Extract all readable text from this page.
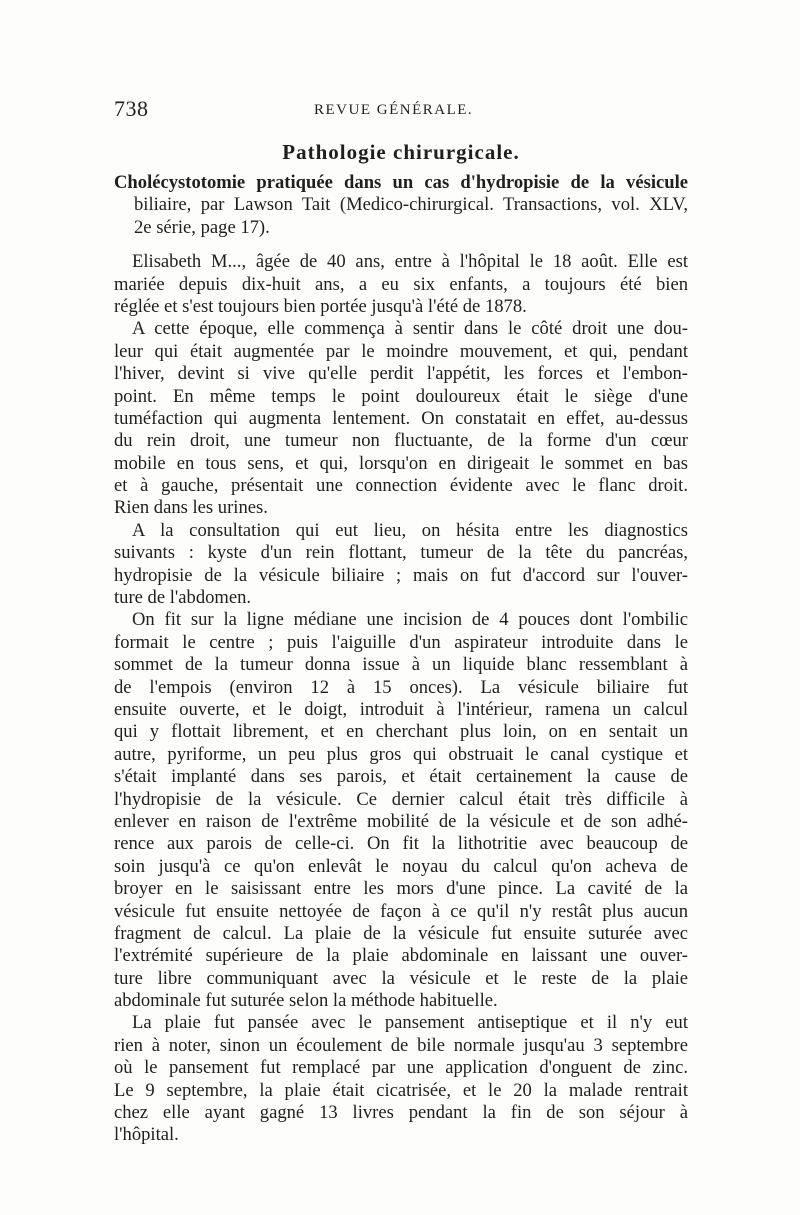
738	REVUE GÉNÉRALE.
Pathologie chirurgicale.
Cholécystotomie pratiquée dans un cas d'hydropisie de la vésicule
biliaire, par Lawson Tait (Medico-chirurgical. Transactions, vol. XLV,
2e série, page 17).
Elisabeth M..., âgée de 40 ans, entre à l'hôpital le 18 août. Elle est
mariée depuis dix-huit ans, a eu six enfants, a toujours été bien
réglée et s'est toujours bien portée jusqu'à l'été de 1878.
A cette époque, elle commença à sentir dans le côté droit une dou-
leur qui était augmentée par le moindre mouvement, et qui, pendant
l'hiver, devint si vive qu'elle perdit l'appétit, les forces et l'embon-
point. En même temps le point douloureux était le siège d'une
tuméfaction qui augmenta lentement. On constatait en effet, au-dessus
du rein droit, une tumeur non fluctuante, de la forme d'un cœur
mobile en tous sens, et qui, lorsqu'on en dirigeait le sommet en bas
et à gauche, présentait une connection évidente avec le flanc droit.
Rien dans les urines.
A la consultation qui eut lieu, on hésita entre les diagnostics
suivants : kyste d'un rein flottant, tumeur de la tête du pancréas,
hydropisie de la vésicule biliaire ; mais on fut d'accord sur l'ouver-
ture de l'abdomen.
On fit sur la ligne médiane une incision de 4 pouces dont l'ombilic
formait le centre ; puis l'aiguille d'un aspirateur introduite dans le
sommet de la tumeur donna issue à un liquide blanc ressemblant à
de l'empois (environ 12 à 15 onces). La vésicule biliaire fut
ensuite ouverte, et le doigt, introduit à l'intérieur, ramena un calcul
qui y flottait librement, et en cherchant plus loin, on en sentait un
autre, pyriforme, un peu plus gros qui obstruait le canal cystique et
s'était implanté dans ses parois, et était certainement la cause de
l'hydropisie de la vésicule. Ce dernier calcul était très difficile à
enlever en raison de l'extrême mobilité de la vésicule et de son adhé-
rence aux parois de celle-ci. On fit la lithotritie avec beaucoup de
soin jusqu'à ce qu'on enlevât le noyau du calcul qu'on acheva de
broyer en le saisissant entre les mors d'une pince. La cavité de la
vésicule fut ensuite nettoyée de façon à ce qu'il n'y restât plus aucun
fragment de calcul. La plaie de la vésicule fut ensuite suturée avec
l'extrémité supérieure de la plaie abdominale en laissant une ouver-
ture libre communiquant avec la vésicule et le reste de la plaie
abdominale fut suturée selon la méthode habituelle.
La plaie fut pansée avec le pansement antiseptique et il n'y eut
rien à noter, sinon un écoulement de bile normale jusqu'au 3 septembre
où le pansement fut remplacé par une application d'onguent de zinc.
Le 9 septembre, la plaie était cicatrisée, et le 20 la malade rentrait
chez elle ayant gagné 13 livres pendant la fin de son séjour à
l'hôpital.
